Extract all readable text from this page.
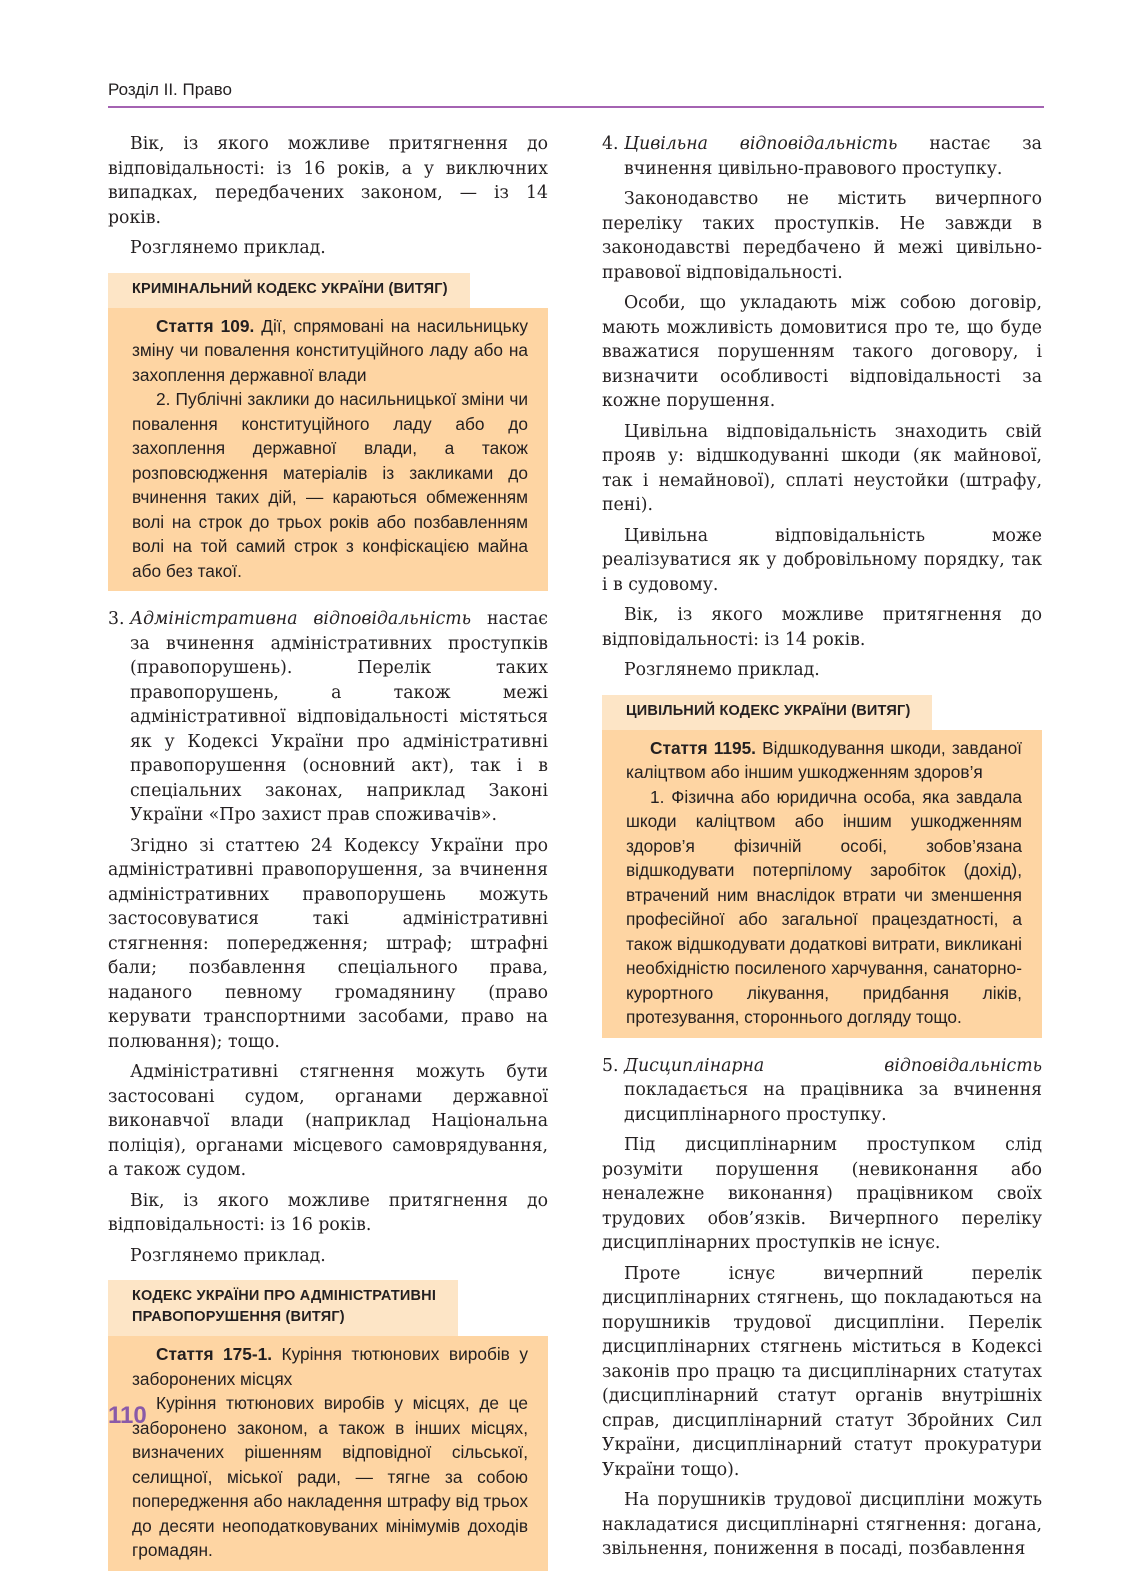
Розділ ІІ. Право

Вік, із якого можливе притягнення до відповідальності: із 16 років, а у виключних випадках, передбачених законом, — із 14 років.

Розглянемо приклад.

КРИМІНАЛЬНИЙ КОДЕКС УКРАЇНИ (ВИТЯГ)

Стаття 109. Дії, спрямовані на насильницьку зміну чи повалення конституційного ладу або на захоплення державної влади

2. Публічні заклики до насильницької зміни чи повалення конституційного ладу або до захоплення державної влади, а також розповсюдження матеріалів із закликами до вчинення таких дій, — караються обмеженням волі на строк до трьох років або позбавленням волі на той самий строк з конфіскацією майна або без такої.

3. Адміністративна відповідальність настає за вчинення адміністративних проступків (правопорушень). Перелік таких правопорушень, а також межі адміністративної відповідальності містяться як у Кодексі України про адміністративні правопорушення (основний акт), так і в спеціальних законах, наприклад Законі України «Про захист прав споживачів».

Згідно зі статтею 24 Кодексу України про адміністративні правопорушення, за вчинення адміністративних правопорушень можуть застосовуватися такі адміністративні стягнення: попередження; штраф; штрафні бали; позбавлення спеціального права, наданого певному громадянину (право керувати транспортними засобами, право на полювання); тощо.

Адміністративні стягнення можуть бути застосовані судом, органами державної виконавчої влади (наприклад Національна поліція), органами місцевого самоврядування, а також судом.

Вік, із якого можливе притягнення до відповідальності: із 16 років.

Розглянемо приклад.

КОДЕКС УКРАЇНИ ПРО АДМІНІСТРАТИВНІ
ПРАВОПОРУШЕННЯ (ВИТЯГ)

Стаття 175-1. Куріння тютюнових виробів у заборонених місцях

Куріння тютюнових виробів у місцях, де це заборонено законом, а також в інших місцях, визначених рішенням відповідної сільської, селищної, міської ради, — тягне за собою попередження або накладення штрафу від трьох до десяти неоподатковуваних мінімумів доходів громадян.

4. Цивільна відповідальність настає за вчинення цивільно-правового проступку.

Законодавство не містить вичерпного переліку таких проступків. Не завжди в законодавстві передбачено й межі цивільно-правової відповідальності.

Особи, що укладають між собою договір, мають можливість домовитися про те, що буде вважатися порушенням такого договору, і визначити особливості відповідальності за кожне порушення.

Цивільна відповідальність знаходить свій прояв у: відшкодуванні шкоди (як майнової, так і немайнової), сплаті неустойки (штрафу, пені).

Цивільна відповідальність може реалізуватися як у добровільному порядку, так і в судовому.

Вік, із якого можливе притягнення до відповідальності: із 14 років.

Розглянемо приклад.

ЦИВІЛЬНИЙ КОДЕКС УКРАЇНИ (ВИТЯГ)

Стаття 1195. Відшкодування шкоди, завданої каліцтвом або іншим ушкодженням здоров’я

1. Фізична або юридична особа, яка завдала шкоди каліцтвом або іншим ушкодженням здоров’я фізичній особі, зобов’язана відшкодувати потерпілому заробіток (дохід), втрачений ним внаслідок втрати чи зменшення професійної або загальної працездатності, а також відшкодувати додаткові витрати, викликані необхідністю посиленого харчування, санаторно-курортного лікування, придбання ліків, протезування, стороннього догляду тощо.

5. Дисциплінарна відповідальність покладається на працівника за вчинення дисциплінарного проступку.

Під дисциплінарним проступком слід розуміти порушення (невиконання або неналежне виконання) працівником своїх трудових обов’язків. Вичерпного переліку дисциплінарних проступків не існує.

Проте існує вичерпний перелік дисциплінарних стягнень, що покладаються на порушників трудової дисципліни. Перелік дисциплінарних стягнень міститься в Кодексі законів про працю та дисциплінарних статутах (дисциплінарний статут органів внутрішніх справ, дисциплінарний статут Збройних Сил України, дисциплінарний статут прокуратури України тощо).

На порушників трудової дисципліни можуть накладатися дисциплінарні стягнення: догана, звільнення, пониження в посаді, позбавлення

110
